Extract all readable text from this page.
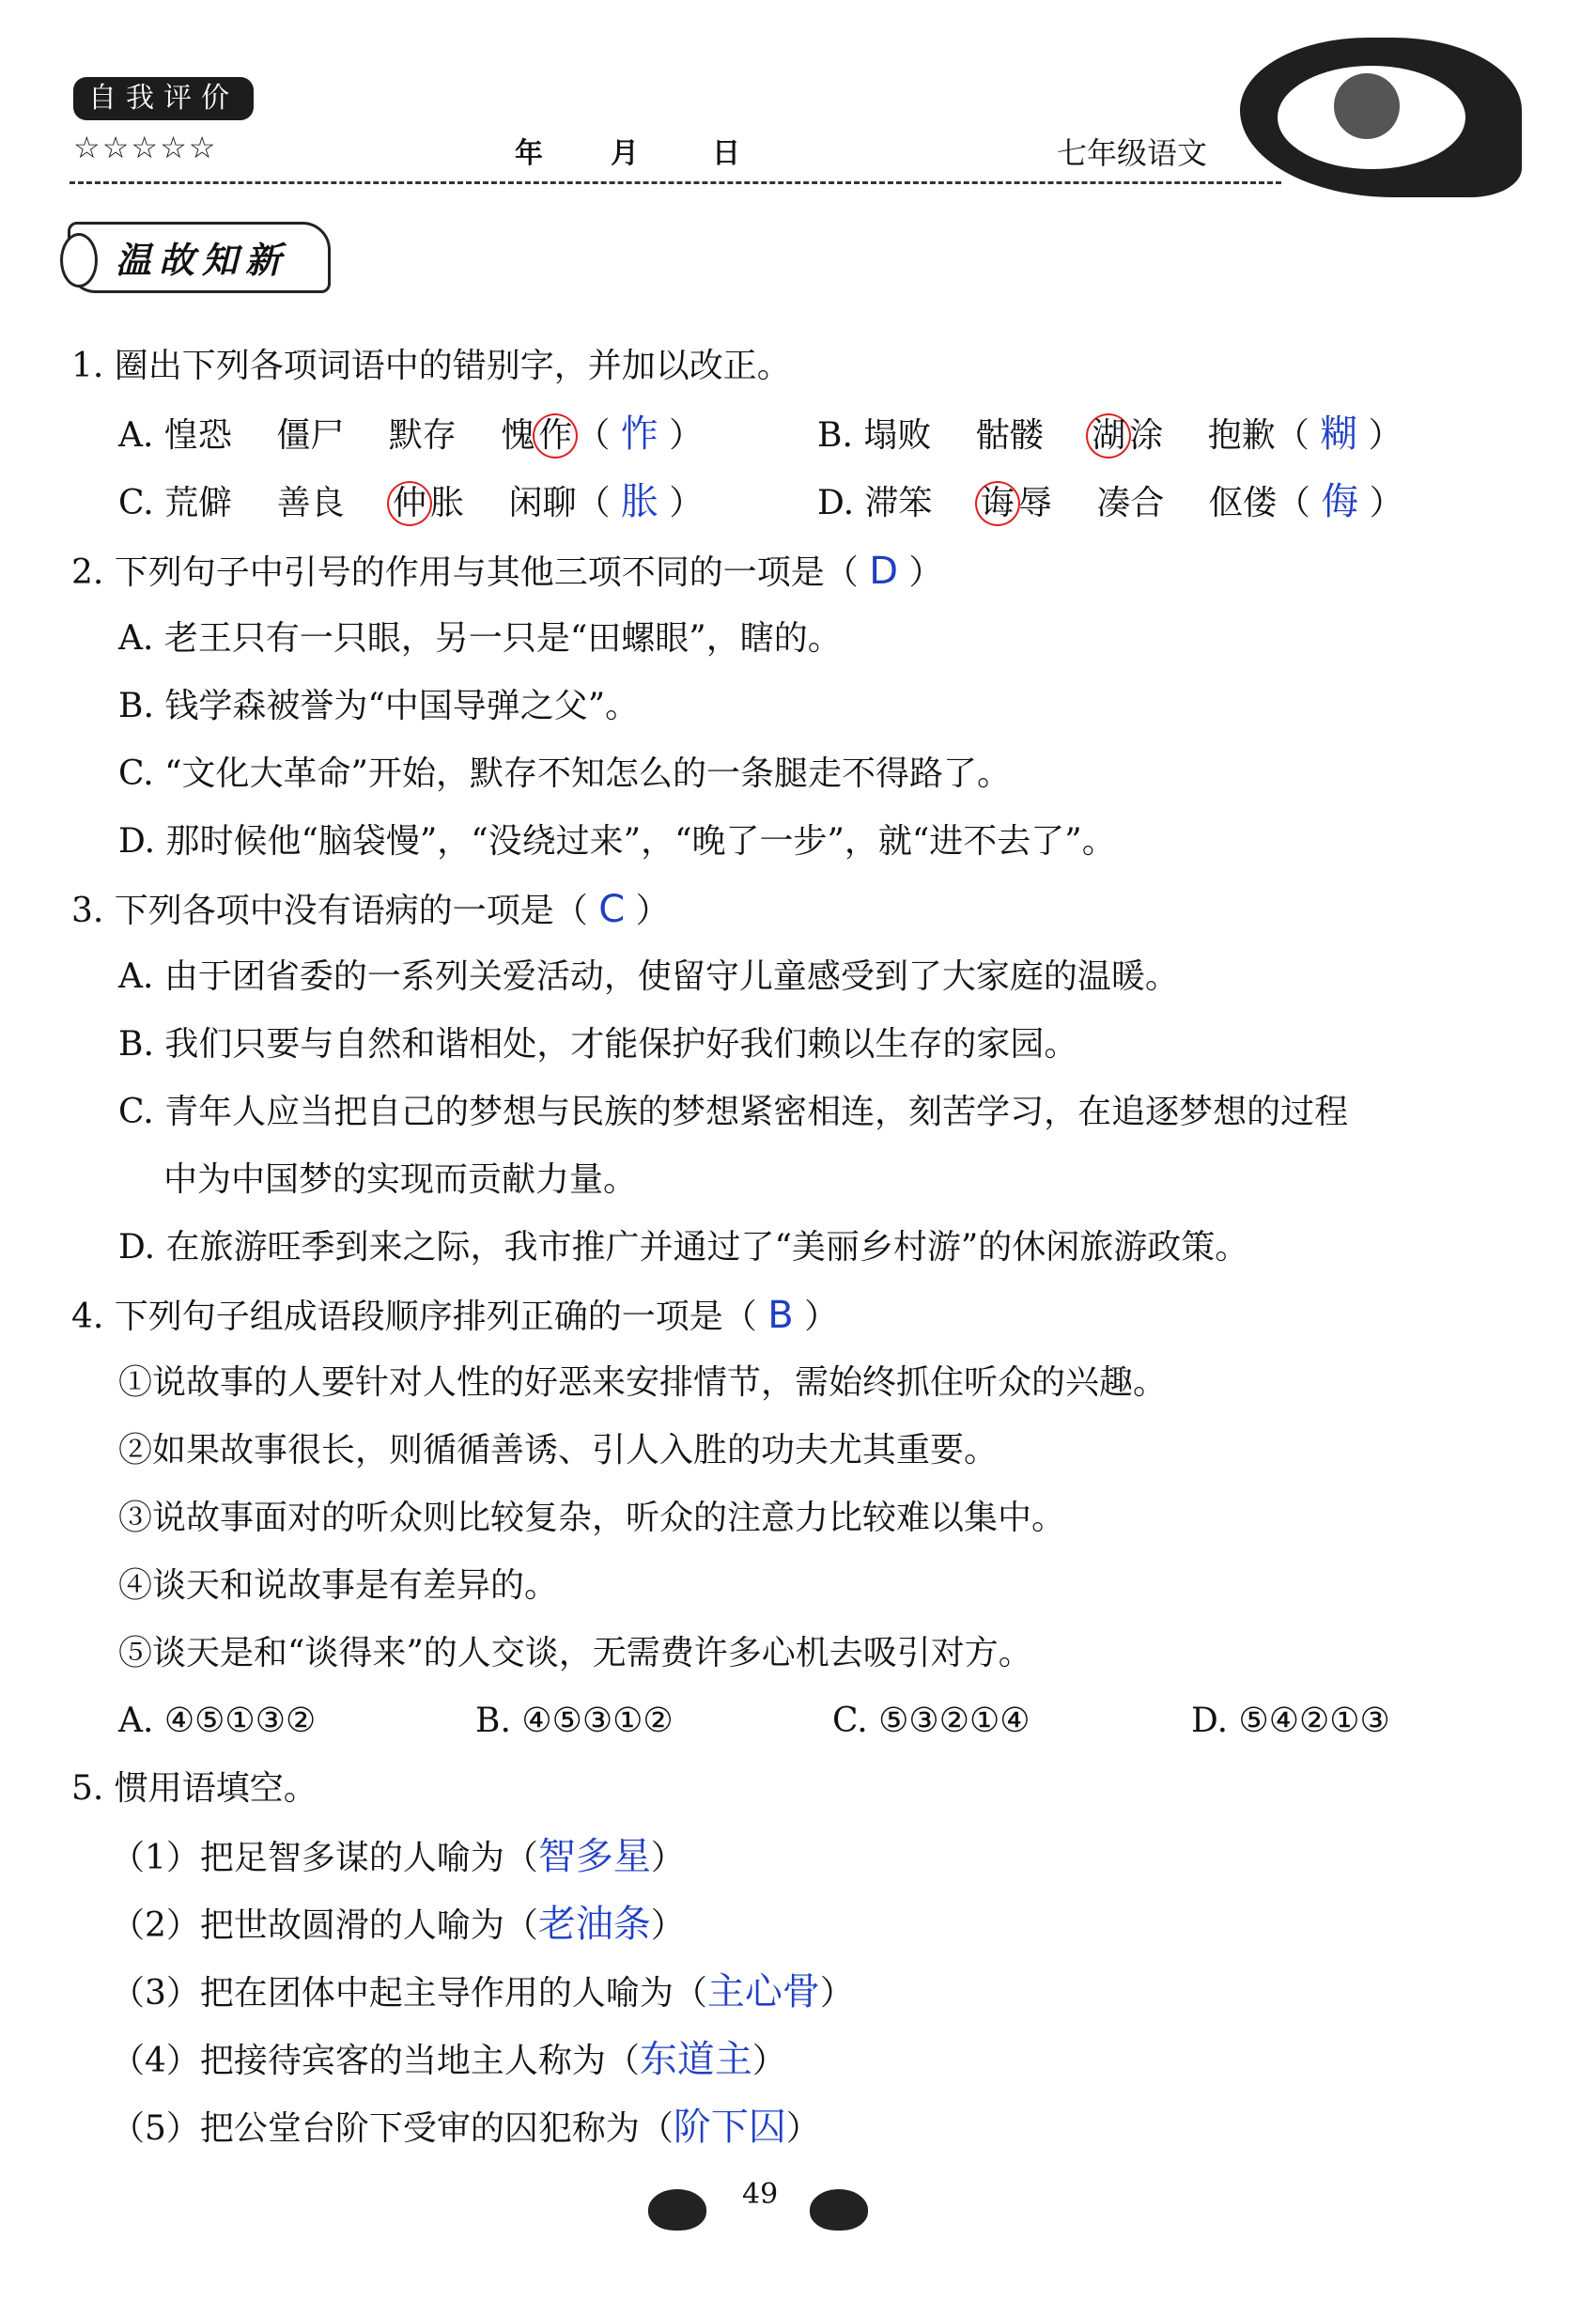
自我评价
☆☆☆☆☆	年 月	日	七年级语文
温故知新
1. 圈出下列各项词语中的错别字，并加以改正。
A. 惶恐　 僵尸　 默存　 愧 作 （ 怍 ）	B. 塌败　 骷髅　 湖 涂　 抱歉（ 糊 ）
C. 荒僻　 善良　 仲 胀　 闲聊（ 胀 ）	D. 滞笨　 诲 辱　 凑合　 伛偻（ 侮 ）
2. 下列句子中引号的作用与其他三项不同的一项是（ D ）
A. 老王只有一只眼，另一只是“田螺眼”，瞎的。
B. 钱学森被誉为“中国导弹之父”。
C. “文化大革命”开始，默存不知怎么的一条腿走不得路了。
D. 那时候他“脑袋慢”，“没绕过来”，“晚了一步”，就“进不去了”。
3. 下列各项中没有语病的一项是（ C ）
A. 由于团省委的一系列关爱活动，使留守儿童感受到了大家庭的温暖。
B. 我们只要与自然和谐相处，才能保护好我们赖以生存的家园。
C. 青年人应当把自己的梦想与民族的梦想紧密相连，刻苦学习，在追逐梦想的过程
中为中国梦的实现而贡献力量。
D. 在旅游旺季到来之际，我市推广并通过了“美丽乡村游”的休闲旅游政策。
4. 下列句子组成语段顺序排列正确的一项是（ B ）
①说故事的人要针对人性的好恶来安排情节，需始终抓住听众的兴趣。
②如果故事很长，则循循善诱、引人入胜的功夫尤其重要。
③说故事面对的听众则比较复杂，听众的注意力比较难以集中。
④谈天和说故事是有差异的。
⑤谈天是和“谈得来”的人交谈，无需费许多心机去吸引对方。
A. ④⑤①③②	B. ④⑤③①②	C. ⑤③②①④	D. ⑤④②①③
5. 惯用语填空。
（1）把足智多谋的人喻为（智多星）
（2）把世故圆滑的人喻为（老油条）
（3）把在团体中起主导作用的人喻为（主心骨）
（4）把接待宾客的当地主人称为（东道主）
（5）把公堂台阶下受审的囚犯称为（阶下囚）
49
